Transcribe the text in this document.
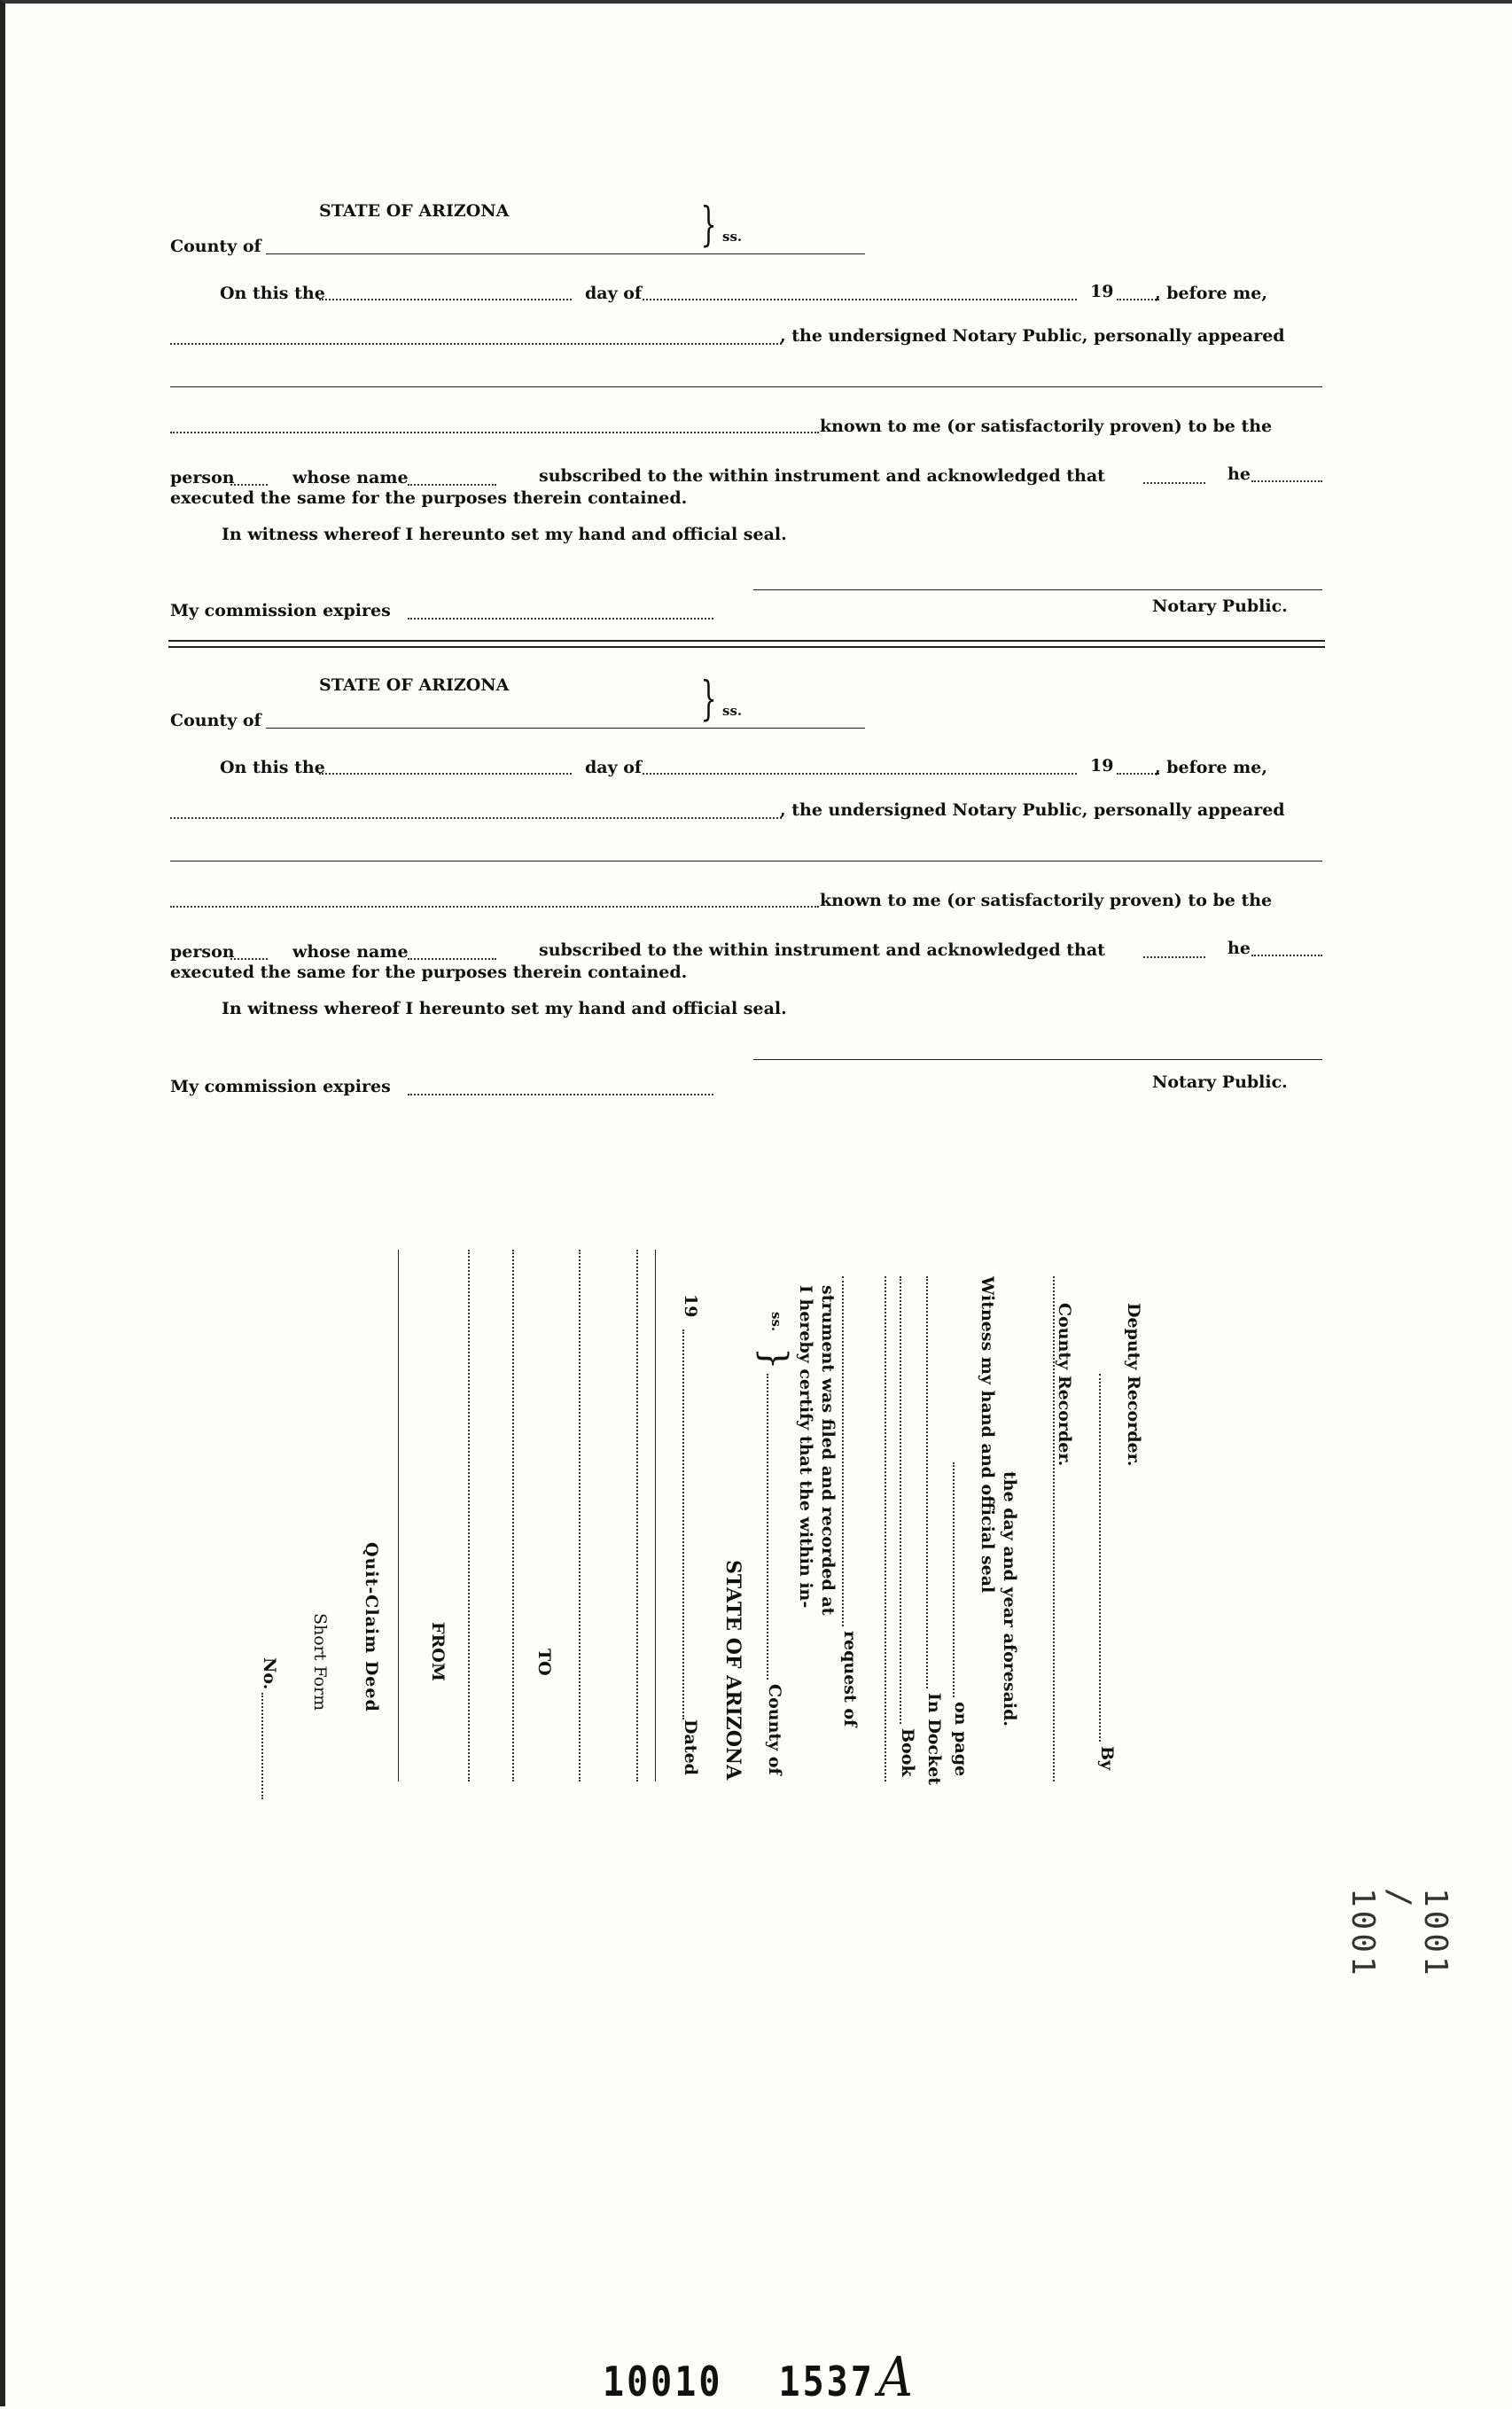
STATE OF ARIZONA
County of	} ss.
On this the	day of	19 , before me,
, the undersigned Notary Public, personally appeared
known to me (or satisfactorily proven) to be the
person	whose name	subscribed to the within instrument and acknowledged that	he
executed the same for the purposes therein contained.
In witness whereof I hereunto set my hand and official seal.
My commission expires	Notary Public.
STATE OF ARIZONA
County of	} ss.
On this the	day of	19 , before me,
, the undersigned Notary Public, personally appeared
known to me (or satisfactorily proven) to be the
person	whose name	subscribed to the within instrument and acknowledged that	he
executed the same for the purposes therein contained.
In witness whereof I hereunto set my hand and official seal.
My commission expires	Notary Public.
No.	Quit-Claim Deed
Short Form	FROM	TO
Dated
19
STATE OF ARIZONA County of
}
ss. I hereby certify that the within in- strument was filed and recorded at
request of
Book In Docket on page
Witness my hand and official seal
the day and year aforesaid.
County Recorder.
By
Deputy Recorder.
1001 / 1001
10010 1537A
